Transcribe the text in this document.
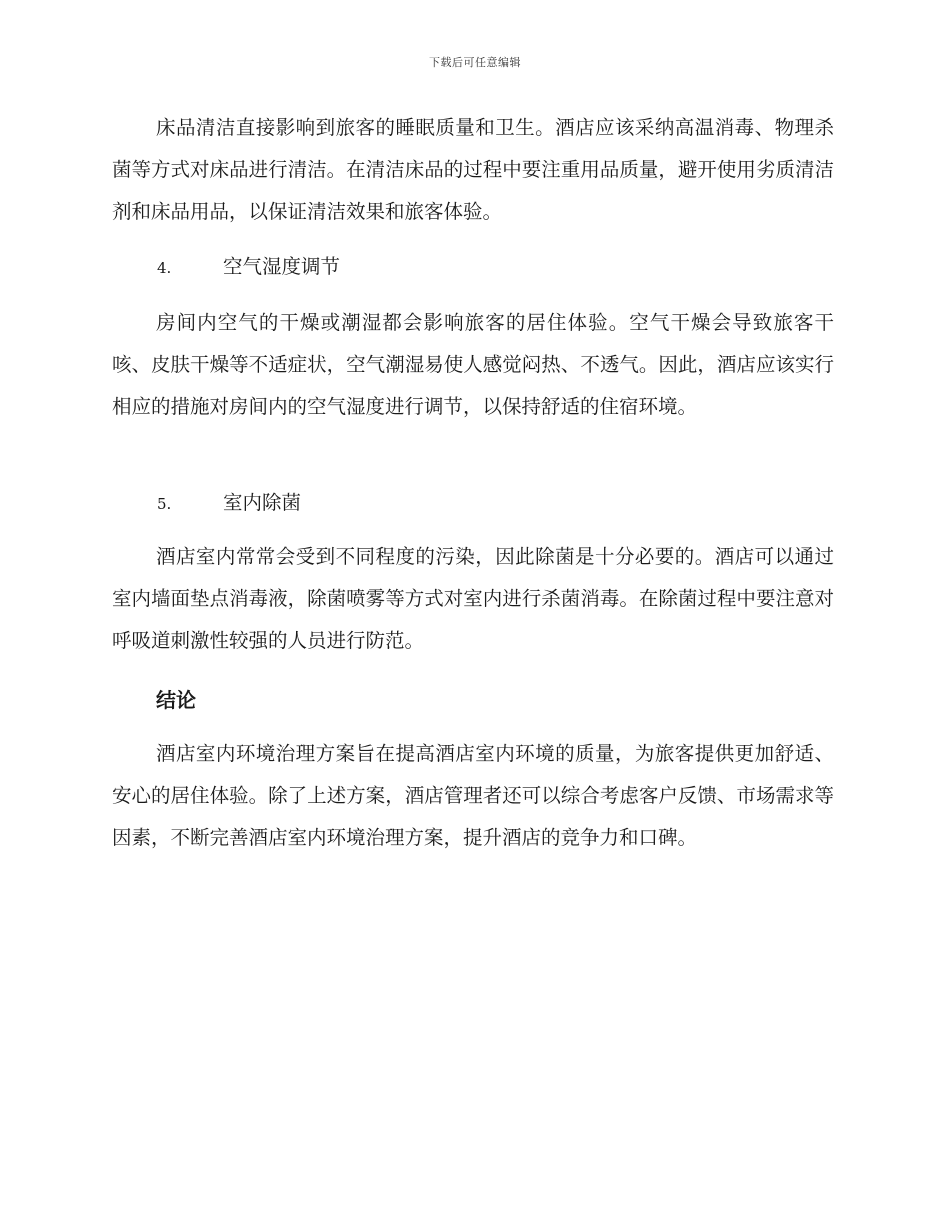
下载后可任意编辑

床品清洁直接影响到旅客的睡眠质量和卫生。酒店应该采纳高温消毒、物理杀菌等方式对床品进行清洁。在清洁床品的过程中要注重用品质量，避开使用劣质清洁剂和床品用品，以保证清洁效果和旅客体验。

4.	空气湿度调节

房间内空气的干燥或潮湿都会影响旅客的居住体验。空气干燥会导致旅客干咳、皮肤干燥等不适症状，空气潮湿易使人感觉闷热、不透气。因此，酒店应该实行相应的措施对房间内的空气湿度进行调节，以保持舒适的住宿环境。

5.	室内除菌

酒店室内常常会受到不同程度的污染，因此除菌是十分必要的。酒店可以通过室内墙面垫点消毒液，除菌喷雾等方式对室内进行杀菌消毒。在除菌过程中要注意对呼吸道刺激性较强的人员进行防范。

结论

酒店室内环境治理方案旨在提高酒店室内环境的质量，为旅客提供更加舒适、安心的居住体验。除了上述方案，酒店管理者还可以综合考虑客户反馈、市场需求等因素，不断完善酒店室内环境治理方案，提升酒店的竞争力和口碑。
